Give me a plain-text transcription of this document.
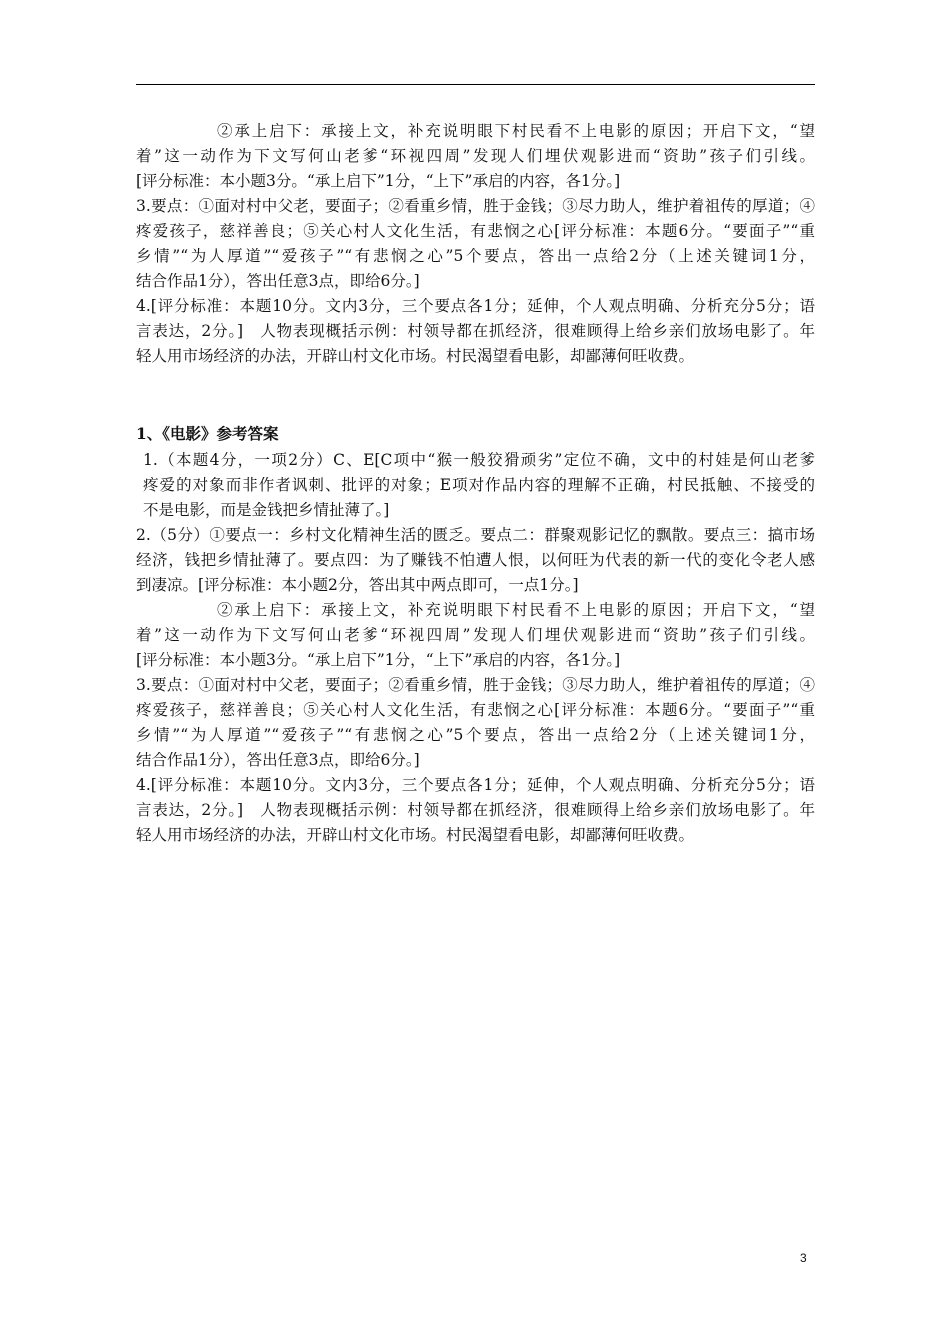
②承上启下：承接上文，补充说明眼下村民看不上电影的原因；开启下文，“望
着”这一动作为下文写何山老爹“环视四周”发现人们埋伏观影进而“资助”孩子们引线。
[评分标准：本小题3分。“承上启下”1分，“上下”承启的内容，各1分。]
3.要点：①面对村中父老，要面子；②看重乡情，胜于金钱；③尽力助人，维护着祖传的厚道；④
疼爱孩子，慈祥善良；⑤关心村人文化生活，有悲悯之心[评分标准：本题6分。“要面子”“重
乡情”“为人厚道”“爱孩子”“有悲悯之心”5个要点，答出一点给2分（上述关键词1分，
结合作品1分），答出任意3点，即给6分。]
4.[评分标准：本题10分。文内3分，三个要点各1分；延伸，个人观点明确、分析充分5分；语
言表达，2分。]　人物表现概括示例：村领导都在抓经济，很难顾得上给乡亲们放场电影了。年
轻人用市场经济的办法，开辟山村文化市场。村民渴望看电影，却鄙薄何旺收费。
1、《电影》参考答案
1.（本题4分，一项2分）C、E[C项中“猴一般狡猾顽劣”定位不确，文中的村娃是何山老爹
疼爱的对象而非作者讽刺、批评的对象；E项对作品内容的理解不正确，村民抵触、不接受的
不是电影，而是金钱把乡情扯薄了。]
2.（5分）①要点一：乡村文化精神生活的匮乏。要点二：群聚观影记忆的飘散。要点三：搞市场
经济，钱把乡情扯薄了。要点四：为了赚钱不怕遭人恨，以何旺为代表的新一代的变化令老人感
到凄凉。[评分标准：本小题2分，答出其中两点即可，一点1分。]
②承上启下：承接上文，补充说明眼下村民看不上电影的原因；开启下文，“望
着”这一动作为下文写何山老爹“环视四周”发现人们埋伏观影进而“资助”孩子们引线。
[评分标准：本小题3分。“承上启下”1分，“上下”承启的内容，各1分。]
3.要点：①面对村中父老，要面子；②看重乡情，胜于金钱；③尽力助人，维护着祖传的厚道；④
疼爱孩子，慈祥善良；⑤关心村人文化生活，有悲悯之心[评分标准：本题6分。“要面子”“重
乡情”“为人厚道”“爱孩子”“有悲悯之心”5个要点，答出一点给2分（上述关键词1分，
结合作品1分），答出任意3点，即给6分。]
4.[评分标准：本题10分。文内3分，三个要点各1分；延伸，个人观点明确、分析充分5分；语
言表达，2分。]　人物表现概括示例：村领导都在抓经济，很难顾得上给乡亲们放场电影了。年
轻人用市场经济的办法，开辟山村文化市场。村民渴望看电影，却鄙薄何旺收费。
3
